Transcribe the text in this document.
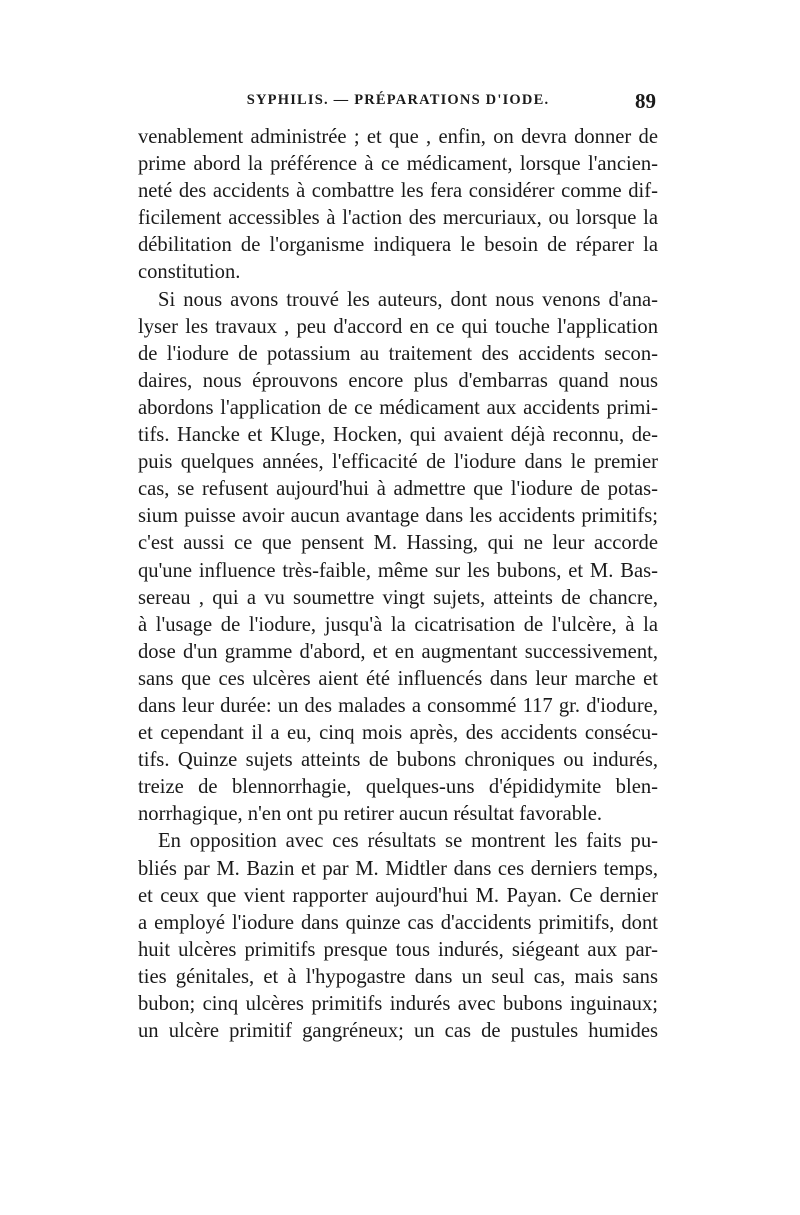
SYPHILIS. — PRÉPARATIONS D'IODE.	89
venablement administrée ; et que , enfin, on devra donner de
prime abord la préférence à ce médicament, lorsque l'ancien-
neté des accidents à combattre les fera considérer comme dif-
ficilement accessibles à l'action des mercuriaux, ou lorsque la
débilitation de l'organisme indiquera le besoin de réparer la
constitution.
Si nous avons trouvé les auteurs, dont nous venons d'ana-
lyser les travaux , peu d'accord en ce qui touche l'application
de l'iodure de potassium au traitement des accidents secon-
daires, nous éprouvons encore plus d'embarras quand nous
abordons l'application de ce médicament aux accidents primi-
tifs. Hancke et Kluge, Hocken, qui avaient déjà reconnu, de-
puis quelques années, l'efficacité de l'iodure dans le premier
cas, se refusent aujourd'hui à admettre que l'iodure de potas-
sium puisse avoir aucun avantage dans les accidents primitifs;
c'est aussi ce que pensent M. Hassing, qui ne leur accorde
qu'une influence très-faible, même sur les bubons, et M. Bas-
sereau , qui a vu soumettre vingt sujets, atteints de chancre,
à l'usage de l'iodure, jusqu'à la cicatrisation de l'ulcère, à la
dose d'un gramme d'abord, et en augmentant successivement,
sans que ces ulcères aient été influencés dans leur marche et
dans leur durée: un des malades a consommé 117 gr. d'iodure,
et cependant il a eu, cinq mois après, des accidents consécu-
tifs. Quinze sujets atteints de bubons chroniques ou indurés,
treize de blennorrhagie, quelques-uns d'épididymite blen-
norrhagique, n'en ont pu retirer aucun résultat favorable.
En opposition avec ces résultats se montrent les faits pu-
bliés par M. Bazin et par M. Midtler dans ces derniers temps,
et ceux que vient rapporter aujourd'hui M. Payan. Ce dernier
a employé l'iodure dans quinze cas d'accidents primitifs, dont
huit ulcères primitifs presque tous indurés, siégeant aux par-
ties génitales, et à l'hypogastre dans un seul cas, mais sans
bubon; cinq ulcères primitifs indurés avec bubons inguinaux;
un ulcère primitif gangréneux; un cas de pustules humides
